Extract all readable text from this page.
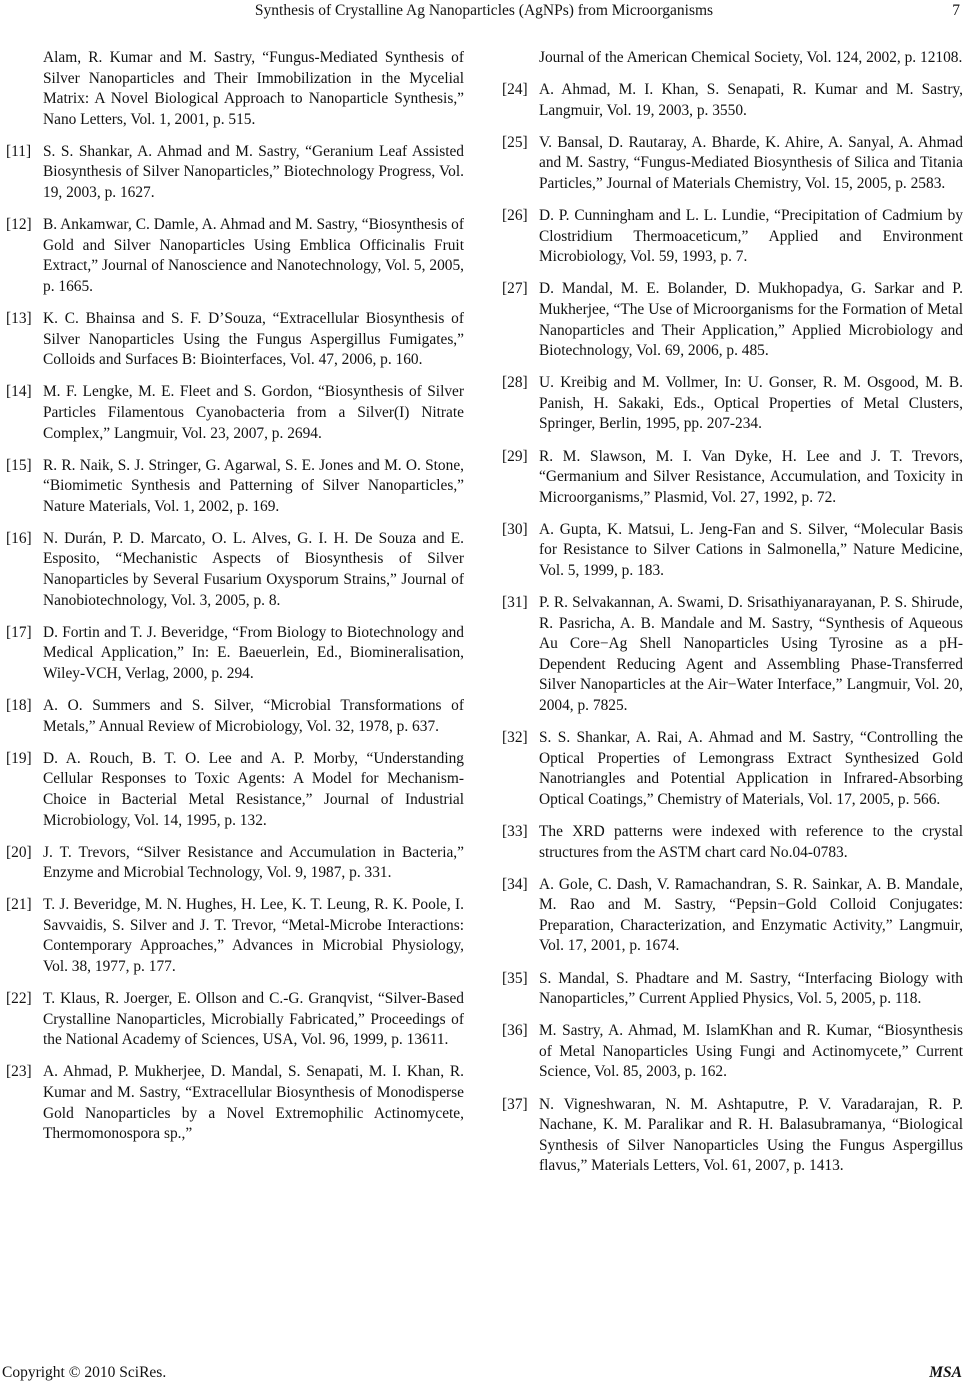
Synthesis of Crystalline Ag Nanoparticles (AgNPs) from Microorganisms	7
Alam, R. Kumar and M. Sastry, “Fungus-Mediated Synthesis of Silver Nanoparticles and Their Immobilization in the Mycelial Matrix: A Novel Biological Approach to Nanoparticle Synthesis,” Nano Letters, Vol. 1, 2001, p. 515.
[11] S. S. Shankar, A. Ahmad and M. Sastry, “Geranium Leaf Assisted Biosynthesis of Silver Nanoparticles,” Biotechnology Progress, Vol. 19, 2003, p. 1627.
[12] B. Ankamwar, C. Damle, A. Ahmad and M. Sastry, “Biosynthesis of Gold and Silver Nanoparticles Using Emblica Officinalis Fruit Extract,” Journal of Nanoscience and Nanotechnology, Vol. 5, 2005, p. 1665.
[13] K. C. Bhainsa and S. F. D’Souza, “Extracellular Biosynthesis of Silver Nanoparticles Using the Fungus Aspergillus Fumigates,” Colloids and Surfaces B: Biointerfaces, Vol. 47, 2006, p. 160.
[14] M. F. Lengke, M. E. Fleet and S. Gordon, “Biosynthesis of Silver Particles Filamentous Cyanobacteria from a Silver(I) Nitrate Complex,” Langmuir, Vol. 23, 2007, p. 2694.
[15] R. R. Naik, S. J. Stringer, G. Agarwal, S. E. Jones and M. O. Stone, “Biomimetic Synthesis and Patterning of Silver Nanoparticles,” Nature Materials, Vol. 1, 2002, p. 169.
[16] N. Durán, P. D. Marcato, O. L. Alves, G. I. H. De Souza and E. Esposito, “Mechanistic Aspects of Biosynthesis of Silver Nanoparticles by Several Fusarium Oxysporum Strains,” Journal of Nanobiotechnology, Vol. 3, 2005, p. 8.
[17] D. Fortin and T. J. Beveridge, “From Biology to Biotechnology and Medical Application,” In: E. Baeuerlein, Ed., Biomineralisation, Wiley-VCH, Verlag, 2000, p. 294.
[18] A. O. Summers and S. Silver, “Microbial Transformations of Metals,” Annual Review of Microbiology, Vol. 32, 1978, p. 637.
[19] D. A. Rouch, B. T. O. Lee and A. P. Morby, “Understanding Cellular Responses to Toxic Agents: A Model for Mechanism-Choice in Bacterial Metal Resistance,” Journal of Industrial Microbiology, Vol. 14, 1995, p. 132.
[20] J. T. Trevors, “Silver Resistance and Accumulation in Bacteria,” Enzyme and Microbial Technology, Vol. 9, 1987, p. 331.
[21] T. J. Beveridge, M. N. Hughes, H. Lee, K. T. Leung, R. K. Poole, I. Savvaidis, S. Silver and J. T. Trevor, “Metal-Microbe Interactions: Contemporary Approaches,” Advances in Microbial Physiology, Vol. 38, 1977, p. 177.
[22] T. Klaus, R. Joerger, E. Ollson and C.-G. Granqvist, “Silver-Based Crystalline Nanoparticles, Microbially Fabricated,” Proceedings of the National Academy of Sciences, USA, Vol. 96, 1999, p. 13611.
[23] A. Ahmad, P. Mukherjee, D. Mandal, S. Senapati, M. I. Khan, R. Kumar and M. Sastry, “Extracellular Biosynthesis of Monodisperse Gold Nanoparticles by a Novel Extremophilic Actinomycete, Thermomonospora sp.,”
Journal of the American Chemical Society, Vol. 124, 2002, p. 12108.
[24] A. Ahmad, M. I. Khan, S. Senapati, R. Kumar and M. Sastry, Langmuir, Vol. 19, 2003, p. 3550.
[25] V. Bansal, D. Rautaray, A. Bharde, K. Ahire, A. Sanyal, A. Ahmad and M. Sastry, “Fungus-Mediated Biosynthesis of Silica and Titania Particles,” Journal of Materials Chemistry, Vol. 15, 2005, p. 2583.
[26] D. P. Cunningham and L. L. Lundie, “Precipitation of Cadmium by Clostridium Thermoaceticum,” Applied and Environment Microbiology, Vol. 59, 1993, p. 7.
[27] D. Mandal, M. E. Bolander, D. Mukhopadya, G. Sarkar and P. Mukherjee, “The Use of Microorganisms for the Formation of Metal Nanoparticles and Their Application,” Applied Microbiology and Biotechnology, Vol. 69, 2006, p. 485.
[28] U. Kreibig and M. Vollmer, In: U. Gonser, R. M. Osgood, M. B. Panish, H. Sakaki, Eds., Optical Properties of Metal Clusters, Springer, Berlin, 1995, pp. 207-234.
[29] R. M. Slawson, M. I. Van Dyke, H. Lee and J. T. Trevors, “Germanium and Silver Resistance, Accumulation, and Toxicity in Microorganisms,” Plasmid, Vol. 27, 1992, p. 72.
[30] A. Gupta, K. Matsui, L. Jeng-Fan and S. Silver, “Molecular Basis for Resistance to Silver Cations in Salmonella,” Nature Medicine, Vol. 5, 1999, p. 183.
[31] P. R. Selvakannan, A. Swami, D. Srisathiyanarayanan, P. S. Shirude, R. Pasricha, A. B. Mandale and M. Sastry, “Synthesis of Aqueous Au Core−Ag Shell Nanoparticles Using Tyrosine as a pH-Dependent Reducing Agent and Assembling Phase-Transferred Silver Nanoparticles at the Air−Water Interface,” Langmuir, Vol. 20, 2004, p. 7825.
[32] S. S. Shankar, A. Rai, A. Ahmad and M. Sastry, “Controlling the Optical Properties of Lemongrass Extract Synthesized Gold Nanotriangles and Potential Application in Infrared-Absorbing Optical Coatings,” Chemistry of Materials, Vol. 17, 2005, p. 566.
[33] The XRD patterns were indexed with reference to the crystal structures from the ASTM chart card No.04-0783.
[34] A. Gole, C. Dash, V. Ramachandran, S. R. Sainkar, A. B. Mandale, M. Rao and M. Sastry, “Pepsin−Gold Colloid Conjugates: Preparation, Characterization, and Enzymatic Activity,” Langmuir, Vol. 17, 2001, p. 1674.
[35] S. Mandal, S. Phadtare and M. Sastry, “Interfacing Biology with Nanoparticles,” Current Applied Physics, Vol. 5, 2005, p. 118.
[36] M. Sastry, A. Ahmad, M. IslamKhan and R. Kumar, “Biosynthesis of Metal Nanoparticles Using Fungi and Actinomycete,” Current Science, Vol. 85, 2003, p. 162.
[37] N. Vigneshwaran, N. M. Ashtaputre, P. V. Varadarajan, R. P. Nachane, K. M. Paralikar and R. H. Balasubramanya, “Biological Synthesis of Silver Nanoparticles Using the Fungus Aspergillus flavus,” Materials Letters, Vol. 61, 2007, p. 1413.
Copyright © 2010 SciRes.	MSA
